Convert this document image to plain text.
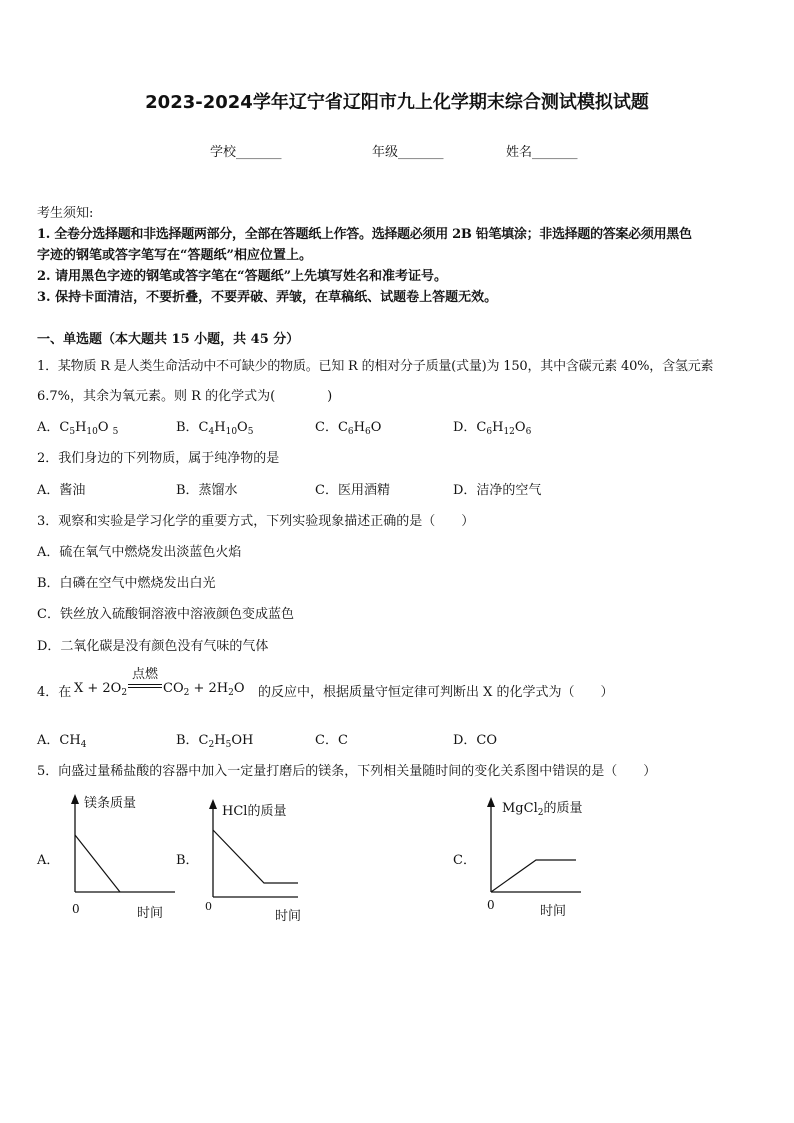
2023-2024学年辽宁省辽阳市九上化学期末综合测试模拟试题
学校_______	年级_______	姓名_______
考生须知:
1. 全卷分选择题和非选择题两部分，全部在答题纸上作答。选择题必须用 2B 铅笔填涂；非选择题的答案必须用黑色
字迹的钢笔或答字笔写在“答题纸”相应位置上。
2. 请用黑色字迹的钢笔或答字笔在“答题纸”上先填写姓名和准考证号。
3. 保持卡面清洁，不要折叠，不要弄破、弄皱，在草稿纸、试题卷上答题无效。
一、单选题（本大题共 15 小题，共 45 分）
1．某物质 R 是人类生命活动中不可缺少的物质。已知 R 的相对分子质量(式量)为 150，其中含碳元素 40%，含氢元素
6.7%，其余为氧元素。则 R 的化学式为(　　　　)
A．$C_5H_{10}O$ $_5$	B．$C_4H_{10}O_5$	C．$C_6H_6O$	D．$C_6H_{12}O_6$
2．我们身边的下列物质，属于纯净物的是
A．酱油	B．蒸馏水	C．医用酒精	D．洁净的空气
3．观察和实验是学习化学的重要方式，下列实验现象描述正确的是（　　）
A．硫在氧气中燃烧发出淡蓝色火焰
B．白磷在空气中燃烧发出白光
C．铁丝放入硫酸铜溶液中溶液颜色变成蓝色
D．二氧化碳是没有颜色没有气味的气体
4．在 $X + 2O_2$
点燃
$CO_2 + 2H_2O$ 的反应中，根据质量守恒定律可判断出 X 的化学式为（　　）
A．$CH_4$	B．$C_2H_5OH$	C．C	D．CO
5．向盛过量稀盐酸的容器中加入一定量打磨后的镁条，下列相关量随时间的变化关系图中错误的是（　　）
A．	B．	C．
镁条质量
0	时间
HCl的质量
0
时间
MgCl$_2$的质量
0	时间
